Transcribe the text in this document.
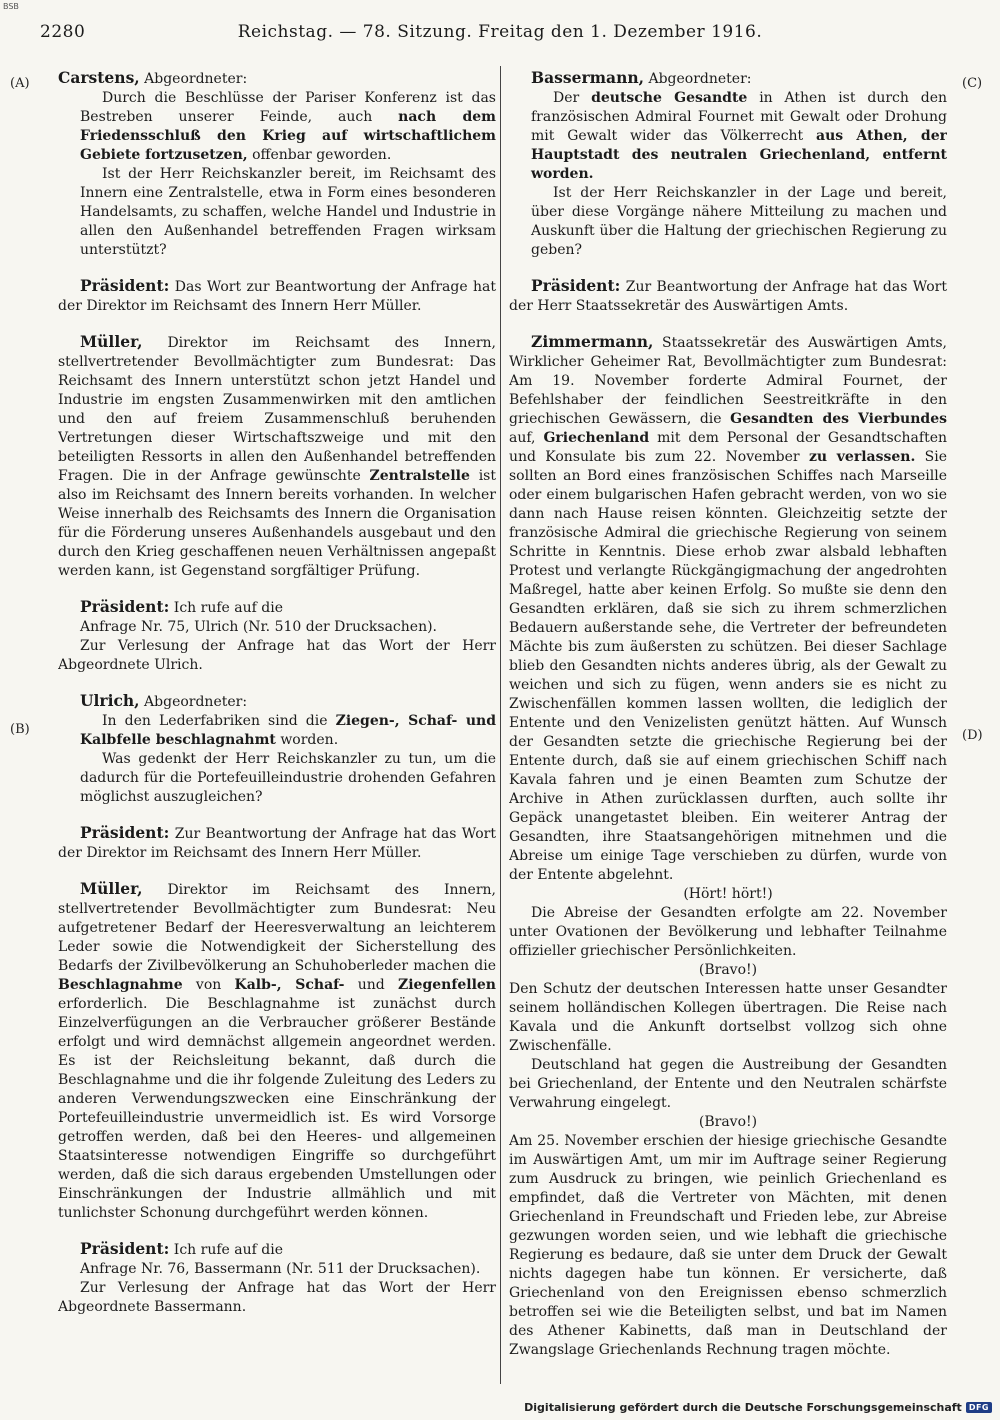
BSB
2280	Reichstag. — 78. Sitzung. Freitag den 1. Dezember 1916.
(A)
(B)
(C)
(D)

Carstens, Abgeordneter:

Durch die Beschlüsse der Pariser Konferenz ist das Bestreben unserer Feinde, auch nach dem Friedensschluß den Krieg auf wirtschaftlichem Gebiete fortzusetzen, offenbar geworden.

Ist der Herr Reichskanzler bereit, im Reichsamt des Innern eine Zentralstelle, etwa in Form eines besonderen Handelsamts, zu schaffen, welche Handel und Industrie in allen den Außenhandel betreffenden Fragen wirksam unterstützt?

Präsident: Das Wort zur Beantwortung der Anfrage hat der Direktor im Reichsamt des Innern Herr Müller.

Müller, Direktor im Reichsamt des Innern, stellvertretender Bevollmächtigter zum Bundesrat: Das Reichsamt des Innern unterstützt schon jetzt Handel und Industrie im engsten Zusammenwirken mit den amtlichen und den auf freiem Zusammenschluß beruhenden Vertretungen dieser Wirtschaftszweige und mit den beteiligten Ressorts in allen den Außenhandel betreffenden Fragen. Die in der Anfrage gewünschte Zentralstelle ist also im Reichsamt des Innern bereits vorhanden. In welcher Weise innerhalb des Reichsamts des Innern die Organisation für die Förderung unseres Außenhandels ausgebaut und den durch den Krieg geschaffenen neuen Verhältnissen angepaßt werden kann, ist Gegenstand sorgfältiger Prüfung.

Präsident: Ich rufe auf die

Anfrage Nr. 75, Ulrich (Nr. 510 der Drucksachen).

Zur Verlesung der Anfrage hat das Wort der Herr Abgeordnete Ulrich.

Ulrich, Abgeordneter:

In den Lederfabriken sind die Ziegen-, Schaf- und Kalbfelle beschlagnahmt worden.

Was gedenkt der Herr Reichskanzler zu tun, um die dadurch für die Portefeuilleindustrie drohenden Gefahren möglichst auszugleichen?

Präsident: Zur Beantwortung der Anfrage hat das Wort der Direktor im Reichsamt des Innern Herr Müller.

Müller, Direktor im Reichsamt des Innern, stellvertretender Bevollmächtigter zum Bundesrat: Neu aufgetretener Bedarf der Heeresverwaltung an leichterem Leder sowie die Notwendigkeit der Sicherstellung des Bedarfs der Zivilbevölkerung an Schuhoberleder machen die Beschlagnahme von Kalb-, Schaf- und Ziegenfellen erforderlich. Die Beschlagnahme ist zunächst durch Einzelverfügungen an die Verbraucher größerer Bestände erfolgt und wird demnächst allgemein angeordnet werden. Es ist der Reichsleitung bekannt, daß durch die Beschlagnahme und die ihr folgende Zuleitung des Leders zu anderen Verwendungszwecken eine Einschränkung der Portefeuilleindustrie unvermeidlich ist. Es wird Vorsorge getroffen werden, daß bei den Heeres- und allgemeinen Staatsinteresse notwendigen Eingriffe so durchgeführt werden, daß die sich daraus ergebenden Umstellungen oder Einschränkungen der Industrie allmählich und mit tunlichster Schonung durchgeführt werden können.

Präsident: Ich rufe auf die

Anfrage Nr. 76, Bassermann (Nr. 511 der Drucksachen).

Zur Verlesung der Anfrage hat das Wort der Herr Abgeordnete Bassermann.

Bassermann, Abgeordneter:

Der deutsche Gesandte in Athen ist durch den französischen Admiral Fournet mit Gewalt oder Drohung mit Gewalt wider das Völkerrecht aus Athen, der Hauptstadt des neutralen Griechenland, entfernt worden.

Ist der Herr Reichskanzler in der Lage und bereit, über diese Vorgänge nähere Mitteilung zu machen und Auskunft über die Haltung der griechischen Regierung zu geben?

Präsident: Zur Beantwortung der Anfrage hat das Wort der Herr Staatssekretär des Auswärtigen Amts.

Zimmermann, Staatssekretär des Auswärtigen Amts, Wirklicher Geheimer Rat, Bevollmächtigter zum Bundesrat: Am 19. November forderte Admiral Fournet, der Befehlshaber der feindlichen Seestreitkräfte in den griechischen Gewässern, die Gesandten des Vierbundes auf, Griechenland mit dem Personal der Gesandtschaften und Konsulate bis zum 22. November zu verlassen. Sie sollten an Bord eines französischen Schiffes nach Marseille oder einem bulgarischen Hafen gebracht werden, von wo sie dann nach Hause reisen könnten. Gleichzeitig setzte der französische Admiral die griechische Regierung von seinem Schritte in Kenntnis. Diese erhob zwar alsbald lebhaften Protest und verlangte Rückgängigmachung der angedrohten Maßregel, hatte aber keinen Erfolg. So mußte sie denn den Gesandten erklären, daß sie sich zu ihrem schmerzlichen Bedauern außerstande sehe, die Vertreter der befreundeten Mächte bis zum äußersten zu schützen. Bei dieser Sachlage blieb den Gesandten nichts anderes übrig, als der Gewalt zu weichen und sich zu fügen, wenn anders sie es nicht zu Zwischenfällen kommen lassen wollten, die lediglich der Entente und den Venizelisten genützt hätten. Auf Wunsch der Gesandten setzte die griechische Regierung bei der Entente durch, daß sie auf einem griechischen Schiff nach Kavala fahren und je einen Beamten zum Schutze der Archive in Athen zurücklassen durften, auch sollte ihr Gepäck unangetastet bleiben. Ein weiterer Antrag der Gesandten, ihre Staatsangehörigen mitnehmen und die Abreise um einige Tage verschieben zu dürfen, wurde von der Entente abgelehnt.

(Hört! hört!)

Die Abreise der Gesandten erfolgte am 22. November unter Ovationen der Bevölkerung und lebhafter Teilnahme offizieller griechischer Persönlichkeiten.

(Bravo!)

Den Schutz der deutschen Interessen hatte unser Gesandter seinem holländischen Kollegen übertragen. Die Reise nach Kavala und die Ankunft dortselbst vollzog sich ohne Zwischenfälle.

Deutschland hat gegen die Austreibung der Gesandten bei Griechenland, der Entente und den Neutralen schärfste Verwahrung eingelegt.

(Bravo!)

Am 25. November erschien der hiesige griechische Gesandte im Auswärtigen Amt, um mir im Auftrage seiner Regierung zum Ausdruck zu bringen, wie peinlich Griechenland es empfindet, daß die Vertreter von Mächten, mit denen Griechenland in Freundschaft und Frieden lebe, zur Abreise gezwungen worden seien, und wie lebhaft die griechische Regierung es bedaure, daß sie unter dem Druck der Gewalt nichts dagegen habe tun können. Er versicherte, daß Griechenland von den Ereignissen ebenso schmerzlich betroffen sei wie die Beteiligten selbst, und bat im Namen des Athener Kabinetts, daß man in Deutschland der Zwangslage Griechenlands Rechnung tragen möchte.

Digitalisierung gefördert durch die Deutsche Forschungsgemeinschaft DFG
